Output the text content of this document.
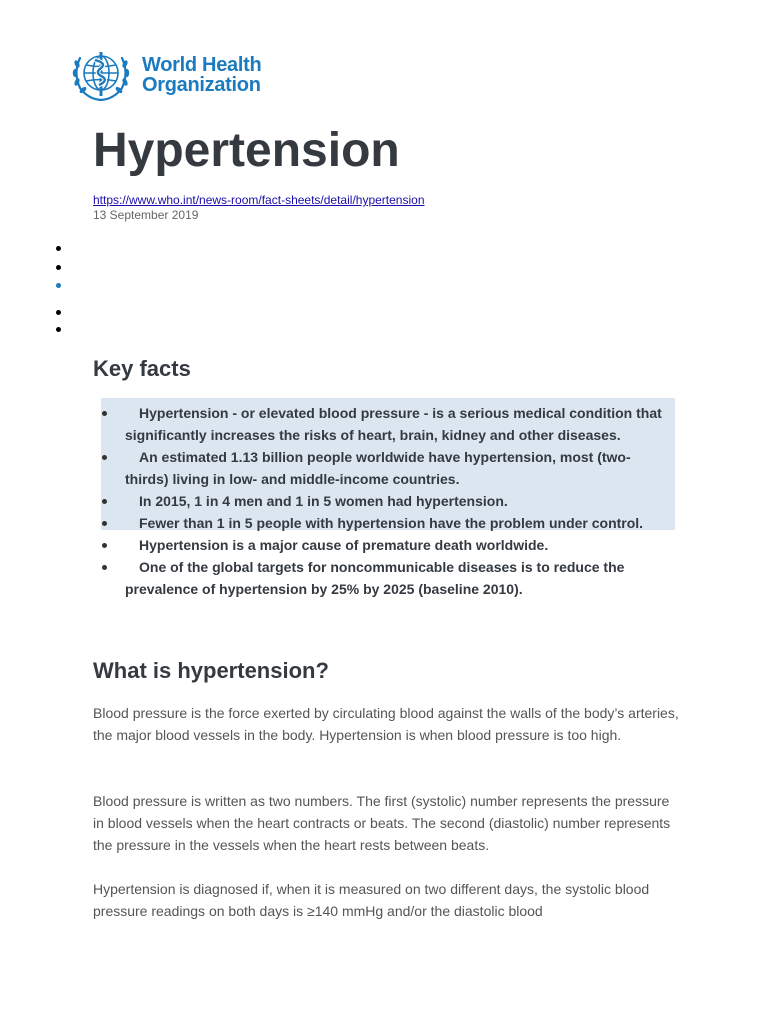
World Health
Organization
Hypertension
https://www.who.int/news-room/fact-sheets/detail/hypertension
13 September 2019
Key facts
Hypertension - or elevated blood pressure - is a serious medical condition that significantly increases the risks of heart, brain, kidney and other diseases.
An estimated 1.13 billion people worldwide have hypertension, most (two-thirds) living in low- and middle-income countries.
In 2015, 1 in 4 men and 1 in 5 women had hypertension.
Fewer than 1 in 5 people with hypertension have the problem under control.
Hypertension is a major cause of premature death worldwide.
One of the global targets for noncommunicable diseases is to reduce the prevalence of hypertension by 25% by 2025 (baseline 2010).
What is hypertension?

Blood pressure is the force exerted by circulating blood against the walls of the body’s arteries, the major blood vessels in the body. Hypertension is when blood pressure is too high.

Blood pressure is written as two numbers. The first (systolic) number represents the pressure in blood vessels when the heart contracts or beats. The second (diastolic) number represents the pressure in the vessels when the heart rests between beats.

Hypertension is diagnosed if, when it is measured on two different days, the systolic blood pressure readings on both days is ≥140 mmHg and/or the diastolic blood
